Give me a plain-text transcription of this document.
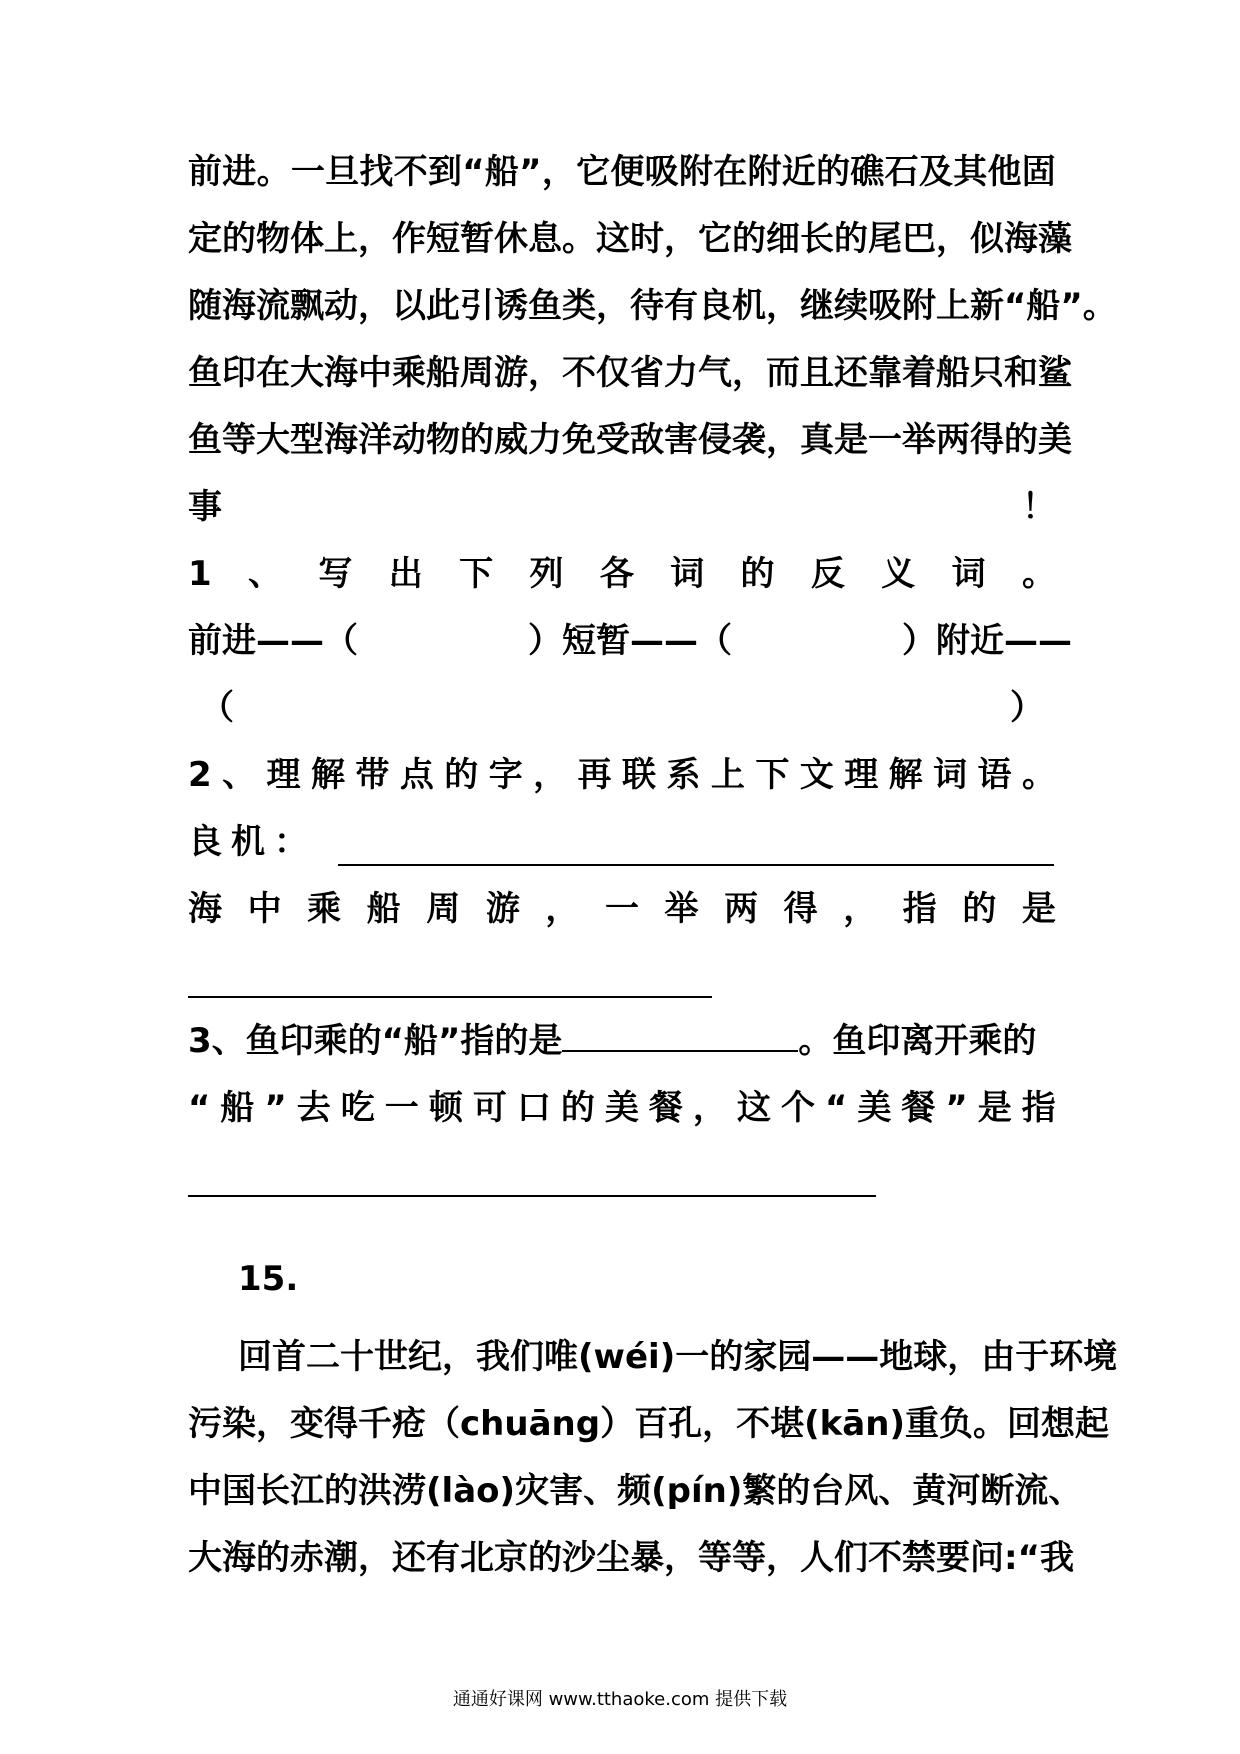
前 进 。 一 旦 找 不 到 “ 船 ” ， 它 便 吸 附 在 附 近 的 礁 石 及 其 他 固
定 的 物 体 上 ， 作 短 暂 休 息 。 这 时 ， 它 的 细 长 的 尾 巴 ， 似 海 藻
随 海 流 飘 动 ， 以 此 引 诱 鱼 类 ， 待 有 良 机 ， 继 续 吸 附 上 新 “ 船 ” 。
鱼 印 在 大 海 中 乘 船 周 游 ， 不 仅 省 力 气 ， 而 且 还 靠 着 船 只 和 鲨
鱼 等 大 型 海 洋 动 物 的 威 力 免 受 敌 害 侵 袭 ， 真 是 一 举 两 得 的 美
事	！
1 、 写 出 下 列 各 词 的 反 义 词 。
前进——（	）短暂——（	）附近——
（	）
2 、 理 解 带 点 的 字 ， 再 联 系 上 下 文 理 解 词 语 。
良 机 ：
海 中 乘 船 周 游 ， 一 举 两 得 ， 指 的 是
3、鱼印乘的“船”指的是	。鱼印离开乘的
“ 船 ” 去 吃 一 顿 可 口 的 美 餐 ， 这 个 “ 美 餐 ” 是 指
15.
回 首 二 十 世 纪 ， 我 们 唯 ( w é i ) 一 的 家 园 — — 地 球 ， 由 于 环 境
污 染 ， 变 得 千 疮 （ c h u ā n g ） 百 孔 ， 不 堪 ( k ā n ) 重 负 。 回 想 起
中 国 长 江 的 洪 涝 ( l à o ) 灾 害 、 频 ( p í n ) 繁 的 台 风 、 黄 河 断 流 、
大 海 的 赤 潮 ， 还 有 北 京 的 沙 尘 暴 ， 等 等 ， 人 们 不 禁 要 问 : “ 我
通通好课网 www.tthaoke.com 提供下载
